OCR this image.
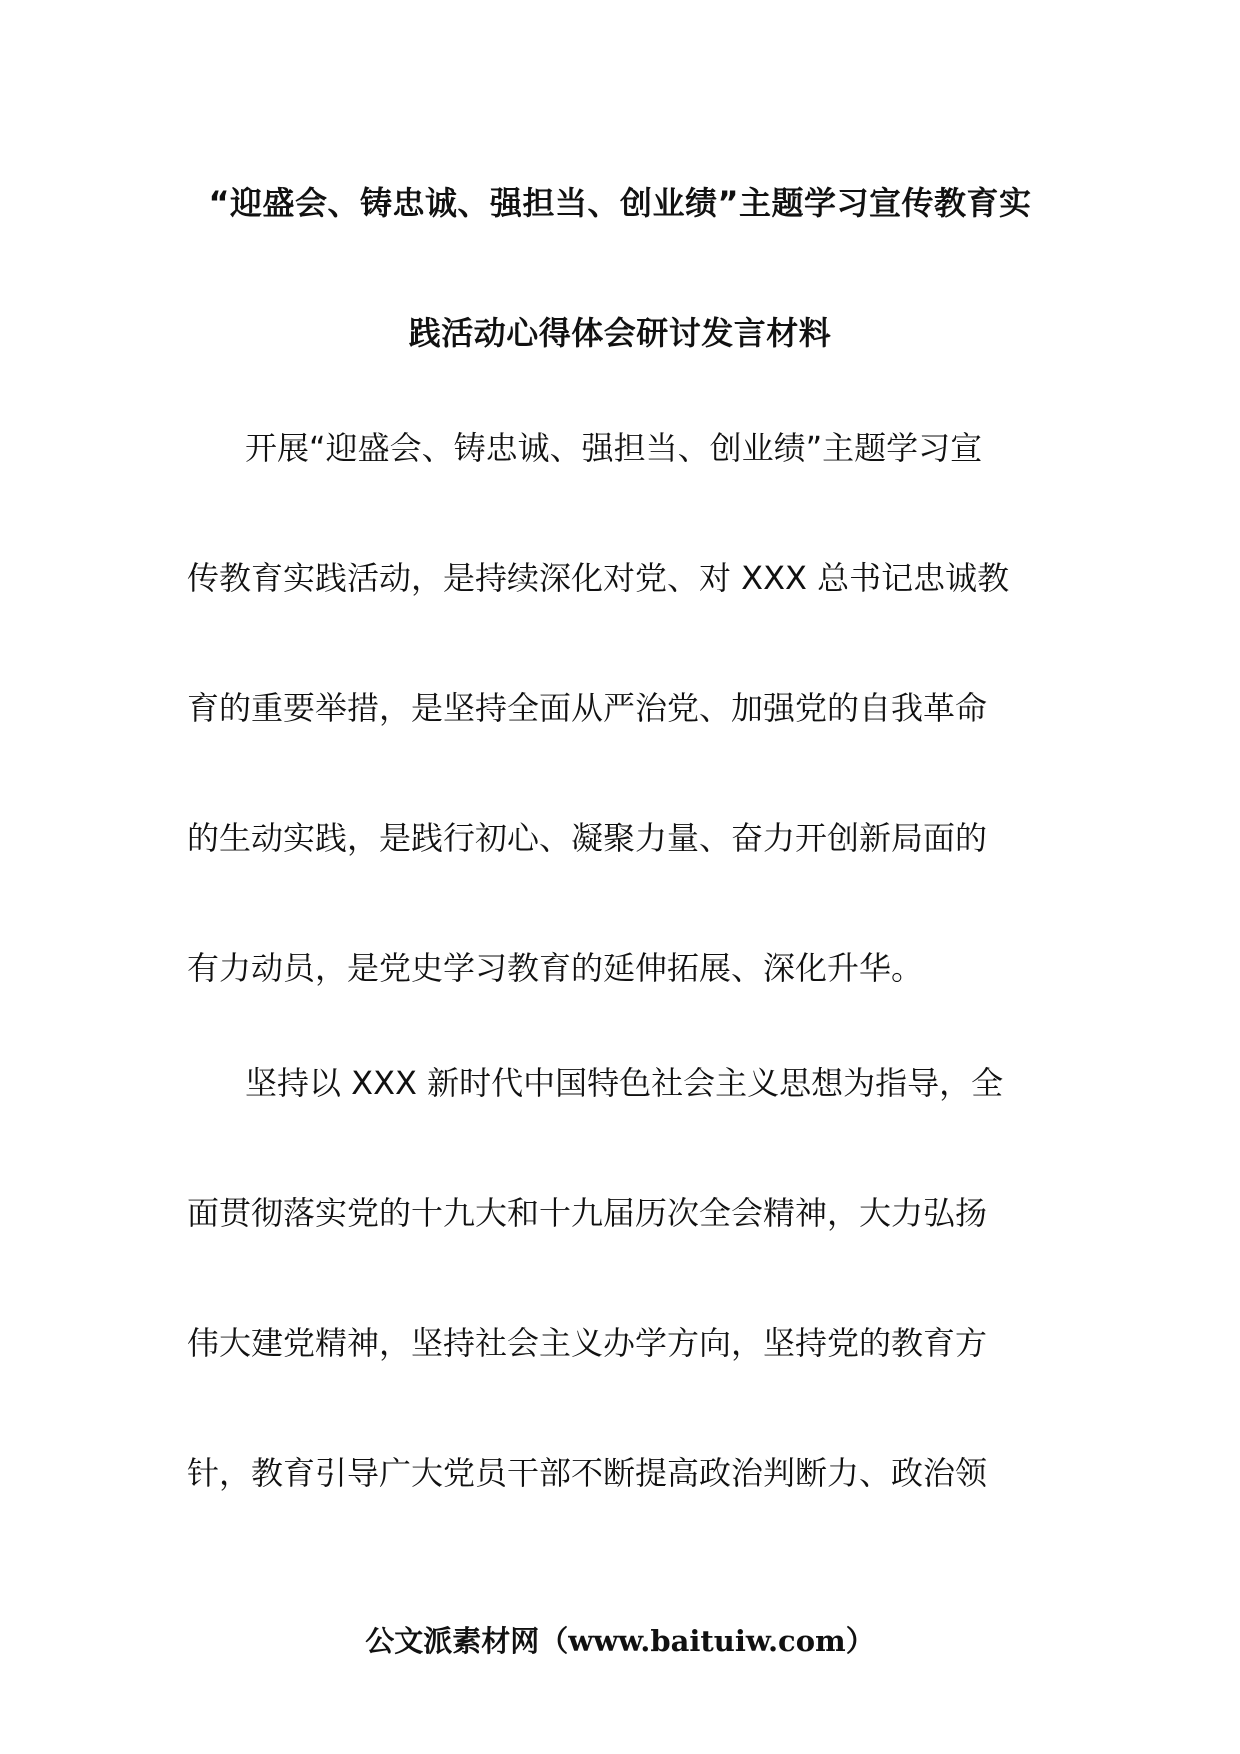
“迎盛会、铸忠诚、强担当、创业绩”主题学习宣传教育实
践活动心得体会研讨发言材料
开展“迎盛会、铸忠诚、强担当、创业绩”主题学习宣
传教育实践活动，是持续深化对党、对 XXX 总书记忠诚教
育的重要举措，是坚持全面从严治党、加强党的自我革命
的生动实践，是践行初心、凝聚力量、奋力开创新局面的
有力动员，是党史学习教育的延伸拓展、深化升华。
坚持以 XXX 新时代中国特色社会主义思想为指导，全
面贯彻落实党的十九大和十九届历次全会精神，大力弘扬
伟大建党精神，坚持社会主义办学方向，坚持党的教育方
针，教育引导广大党员干部不断提高政治判断力、政治领
公文派素材网（www.baituiw.com）
